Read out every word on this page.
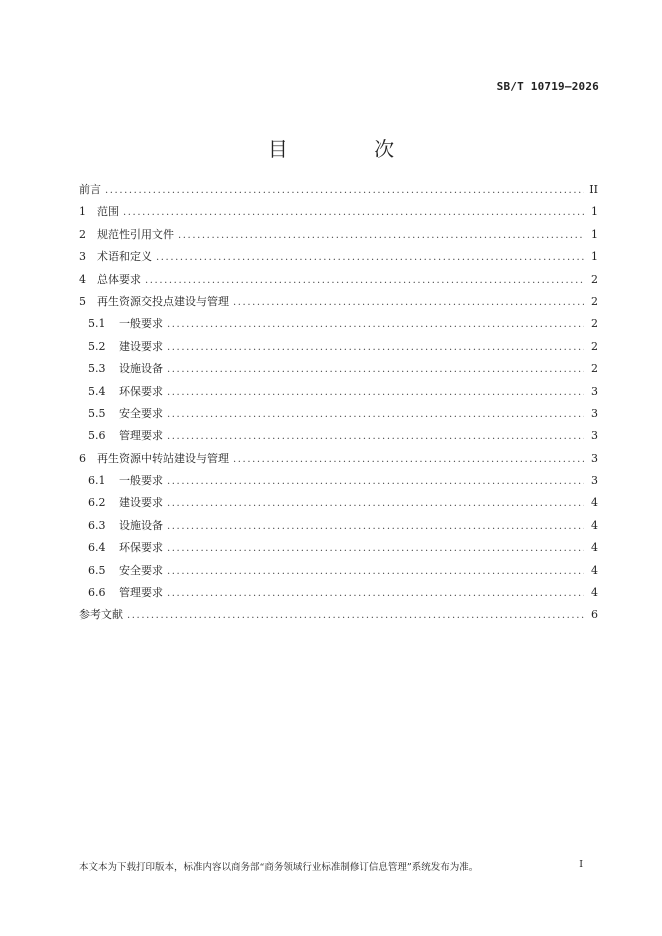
SB/T 10719—2026
目 次
前言 .....	II
1	范围 .....	1
2	规范性引用文件 .....	1
3	术语和定义 .....	1
4	总体要求 .....	2
5	再生资源交投点建设与管理 .....	2
5.1	一般要求 .....	2
5.2	建设要求 .....	2
5.3	设施设备 .....	2
5.4	环保要求 .....	3
5.5	安全要求 .....	3
5.6	管理要求 .....	3
6	再生资源中转站建设与管理 .....	3
6.1	一般要求 .....	3
6.2	建设要求 .....	4
6.3	设施设备 .....	4
6.4	环保要求 .....	4
6.5	安全要求 .....	4
6.6	管理要求 .....	4
参考文献 .....	6
本文本为下载打印版本，标准内容以商务部“商务领域行业标准制修订信息管理”系统发布为准。	I
